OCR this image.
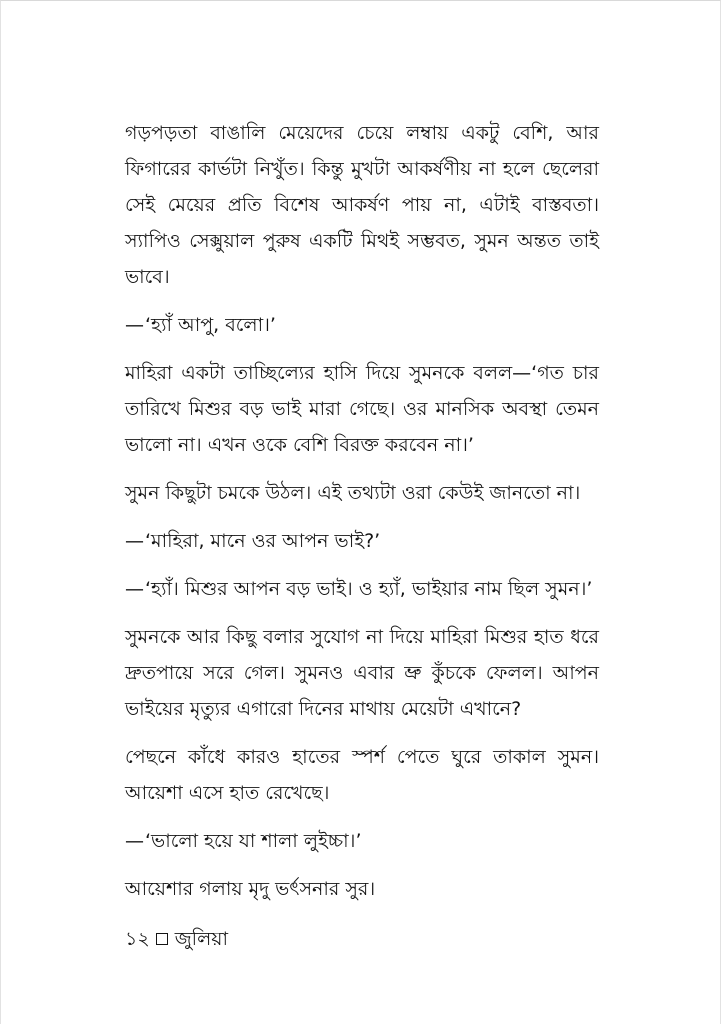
গড়পড়তা বাঙালি মেয়েদের চেয়ে লম্বায় একটু বেশি, আর ফিগারের কার্ভটা নিখুঁত। কিন্তু মুখটা আকর্ষণীয় না হলে ছেলেরা সেই মেয়ের প্রতি বিশেষ আকর্ষণ পায় না, এটাই বাস্তবতা। স্যাপিও সেক্সুয়াল পুরুষ একটি মিথই সম্ভবত, সুমন অন্তত তাই ভাবে।

— ‘হ্যাঁ আপু, বলো।’

মাহিরা একটা তাচ্ছিল্যের হাসি দিয়ে সুমনকে বলল—‘গত চার তারিখে মিশুর বড় ভাই মারা গেছে। ওর মানসিক অবস্থা তেমন ভালো না। এখন ওকে বেশি বিরক্ত করবেন না।’

সুমন কিছুটা চমকে উঠল। এই তথ্যটা ওরা কেউই জানতো না।

— ‘মাহিরা, মানে ওর আপন ভাই?’
— ‘হ্যাঁ। মিশুর আপন বড় ভাই। ও হ্যাঁ, ভাইয়ার নাম ছিল সুমন।’

সুমনকে আর কিছু বলার সুযোগ না দিয়ে মাহিরা মিশুর হাত ধরে দ্রুতপায়ে সরে গেল। সুমনও এবার ভ্রু কুঁচকে ফেলল। আপন ভাইয়ের মৃত্যুর এগারো দিনের মাথায় মেয়েটা এখানে?

পেছনে কাঁধে কারও হাতের স্পর্শ পেতে ঘুরে তাকাল সুমন। আয়েশা এসে হাত রেখেছে।

— ‘ভালো হয়ে যা শালা লুইচ্চা।’

আয়েশার গলায় মৃদু ভর্ৎসনার সুর।

১২ জুলিয়া
